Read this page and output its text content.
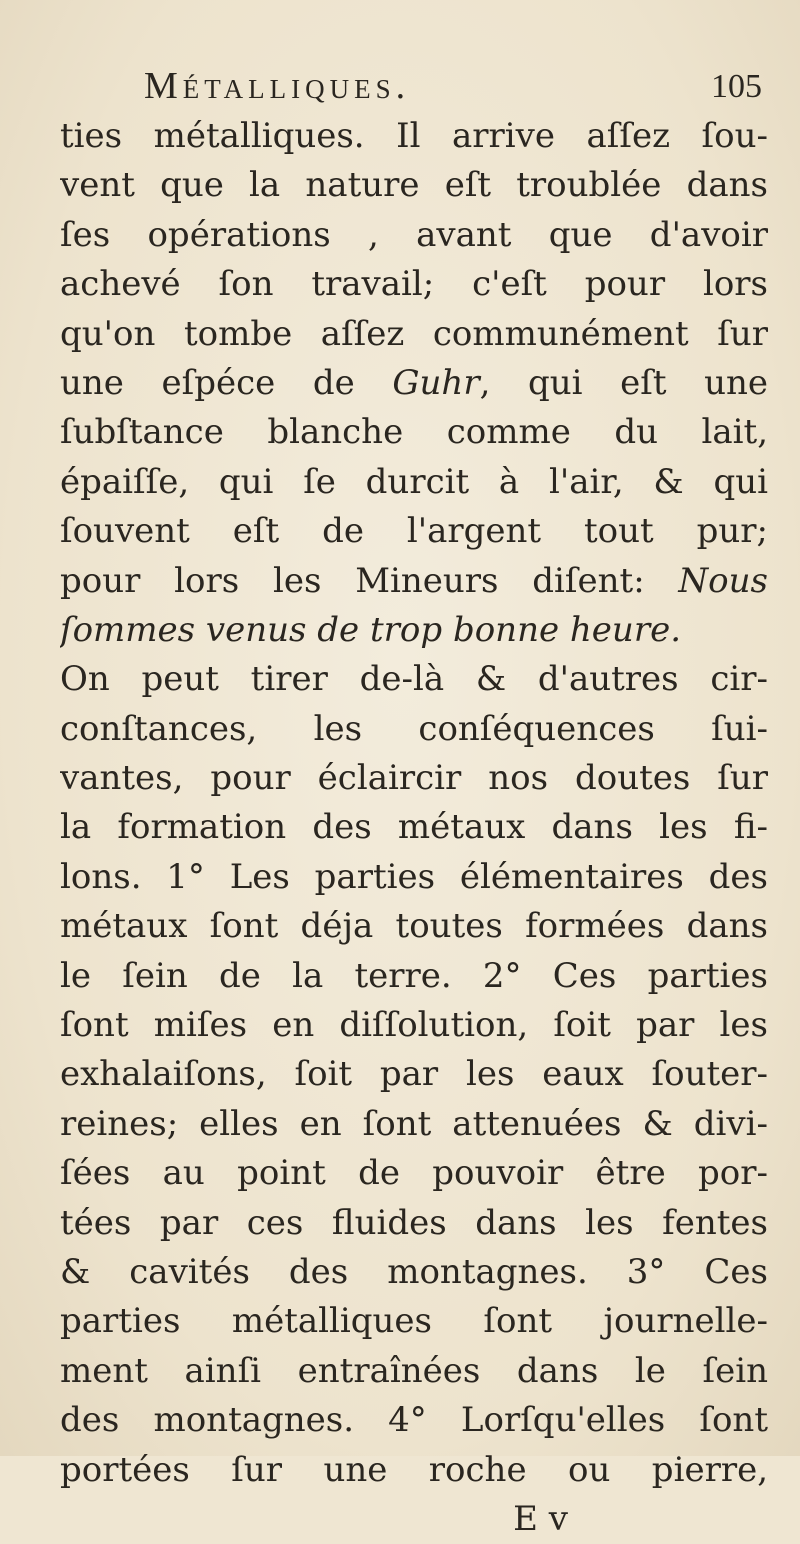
Métalliques.	105
ties métalliques. Il arrive aſſez ſou-
vent que la nature eſt troublée dans
ſes opérations , avant que d'avoir
achevé ſon travail; c'eſt pour lors
qu'on tombe aſſez communément ſur
une eſpéce de Guhr, qui eſt une
ſubſtance blanche comme du lait,
épaiſſe, qui ſe durcit à l'air, & qui
ſouvent eſt de l'argent tout pur;
pour lors les Mineurs diſent: Nous
ſommes venus de trop bonne heure.
On peut tirer de-là & d'autres cir-
conſtances, les conſéquences ſui-
vantes, pour éclaircir nos doutes ſur
la formation des métaux dans les fi-
lons. 1° Les parties élémentaires des
métaux ſont déja toutes formées dans
le ſein de la terre. 2° Ces parties
ſont miſes en diſſolution, ſoit par les
exhalaiſons, ſoit par les eaux ſouter-
reines; elles en ſont attenuées & divi-
ſées au point de pouvoir être por-
tées par ces fluides dans les fentes
& cavités des montagnes. 3° Ces
parties métalliques ſont journelle-
ment ainſi entraînées dans le ſein
des montagnes. 4° Lorſqu'elles ſont
portées ſur une roche ou pierre,
E v
